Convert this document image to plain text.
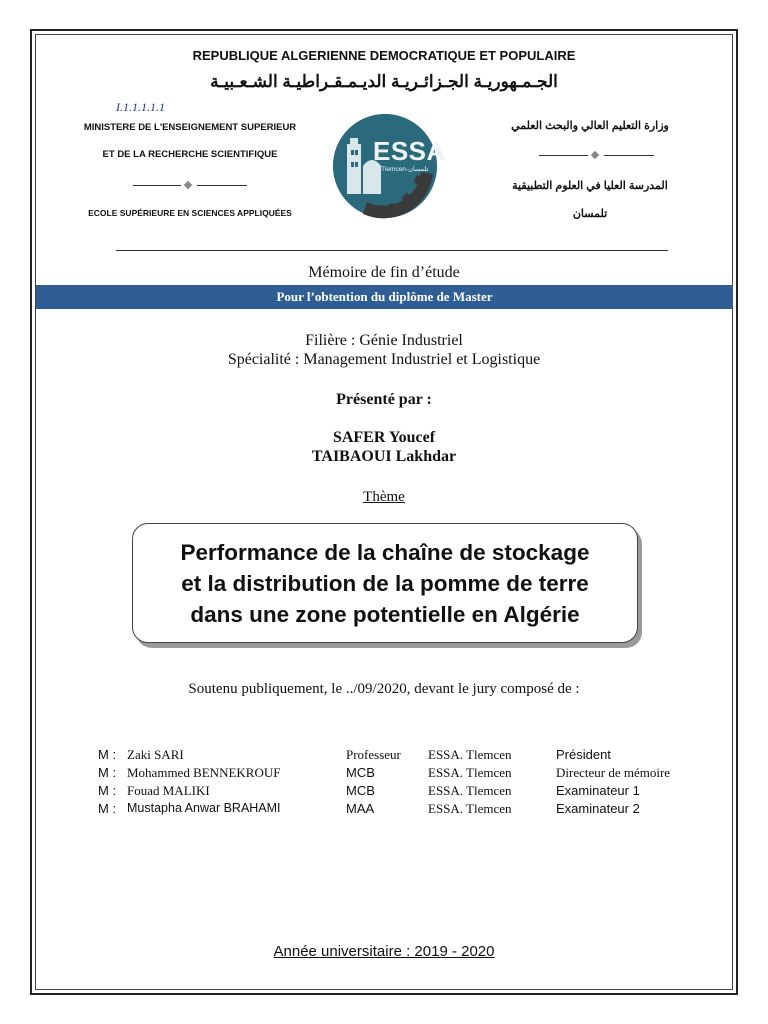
REPUBLIQUE ALGERIENNE DEMOCRATIQUE ET POPULAIRE
الجـمـهوريـة الجـزائـريـة الديـمـقـراطيـة الشـعـبيـة
I.1.1.1.1.1
MINISTERE DE L'ENSEIGNEMENT SUPERIEUR
ET DE LA RECHERCHE SCIENTIFIQUE
ECOLE SUPÉRIEURE EN SCIENCES APPLIQUÉES
وزارة التعليم العالي والبحث العلمي
المدرسة العليا في العلوم التطبيقية
تلمسان
ESSA
Tlemcen-تلمسان
Mémoire de fin d’étude
Pour l’obtention du diplôme de Master
Filière : Génie Industriel
Spécialité : Management Industriel et Logistique
Présenté par :
SAFER Youcef
TAIBAOUI Lakhdar
Thème
Performance de la chaîne de stockage
et la distribution de la pomme de terre
dans une zone potentielle en Algérie
Soutenu publiquement, le ../09/2020, devant le jury composé de :
M : Zaki SARI	Professeur ESSA. Tlemcen	Président
M : Mohammed BENNEKROUF	MCB	ESSA. Tlemcen	Directeur de mémoire
M : Fouad MALIKI	MCB	ESSA. Tlemcen	Examinateur 1
M : Mustapha Anwar BRAHAMI	MAA	ESSA. Tlemcen	Examinateur 2
Année universitaire : 2019 - 2020
